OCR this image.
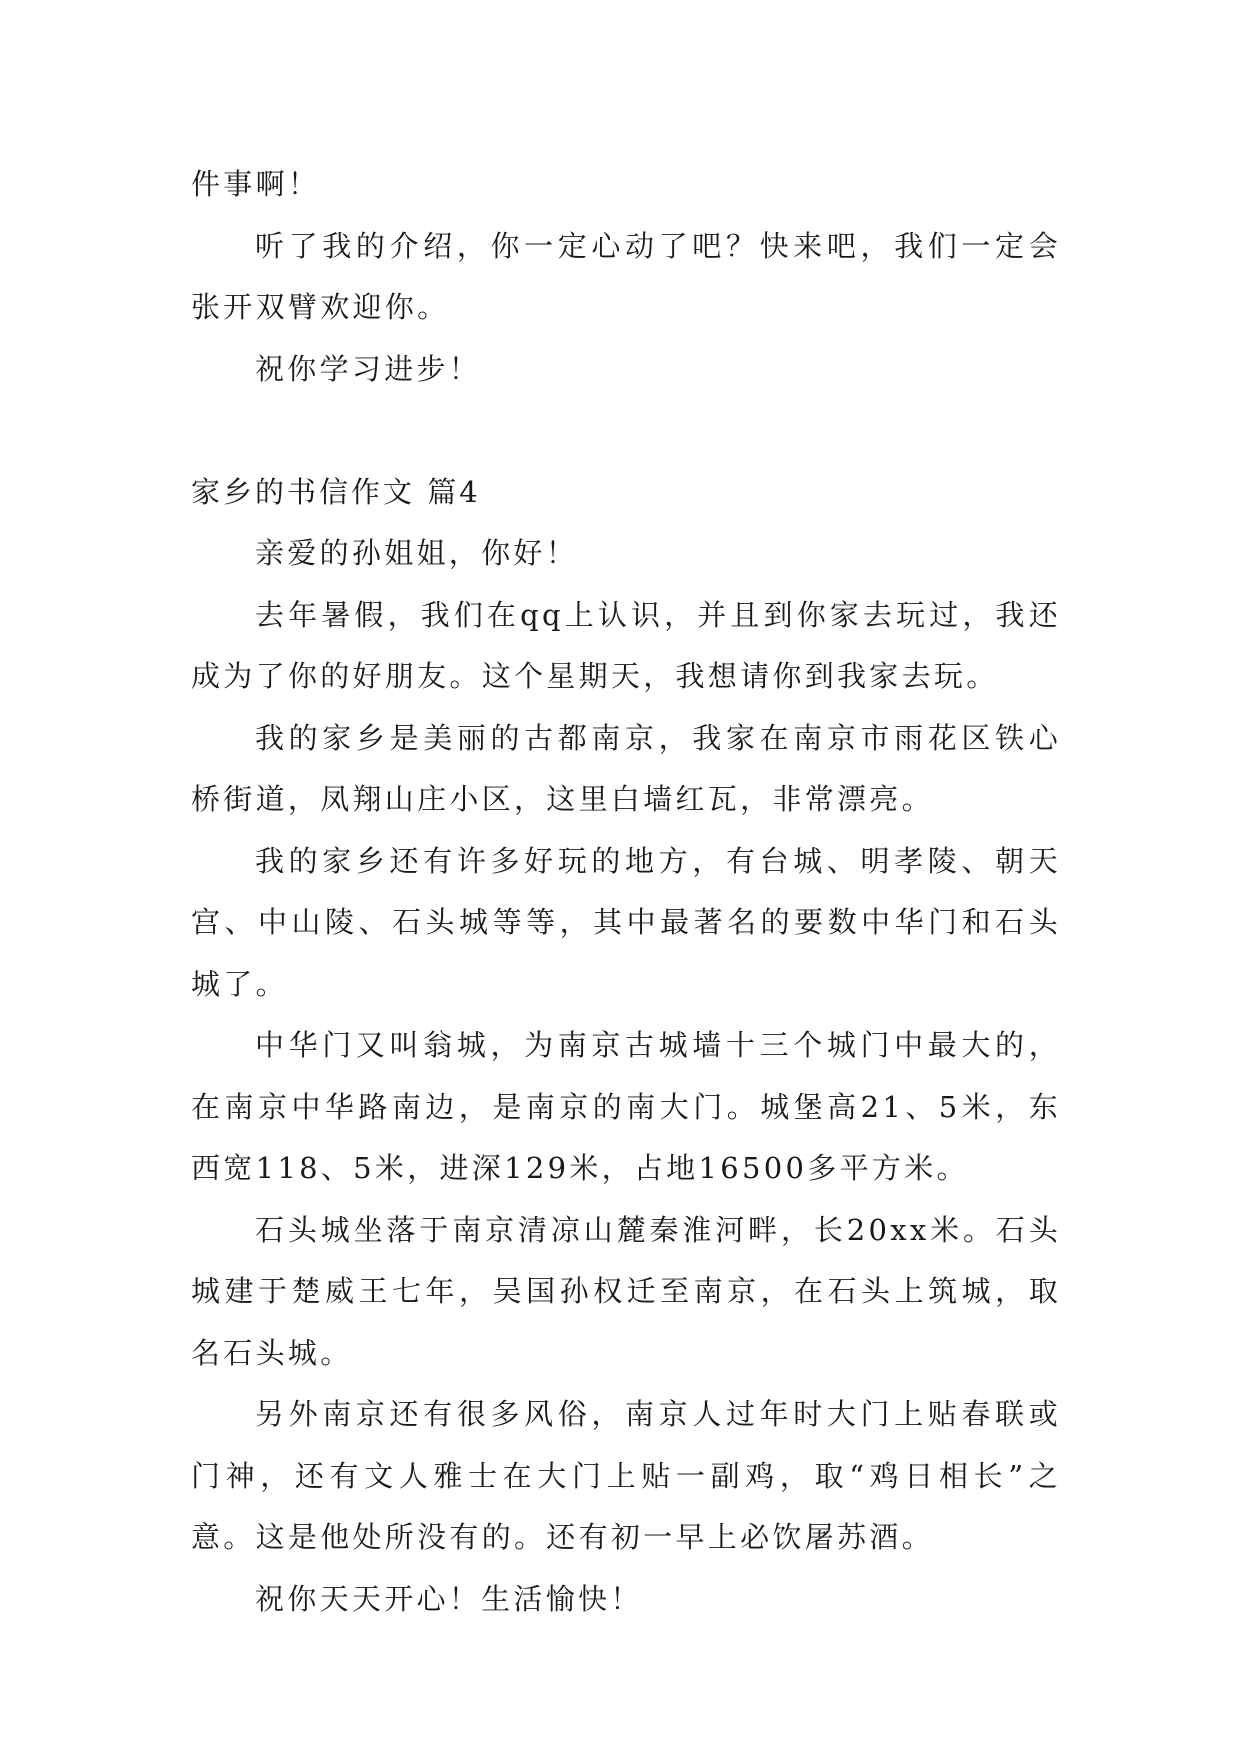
件事啊！

听了我的介绍，你一定心动了吧？快来吧，我们一定会张开双臂欢迎你。

祝你学习进步！

家乡的书信作文 篇4

亲爱的孙姐姐，你好！

去年暑假，我们在qq上认识，并且到你家去玩过，我还成为了你的好朋友。这个星期天，我想请你到我家去玩。

我的家乡是美丽的古都南京，我家在南京市雨花区铁心桥街道，凤翔山庄小区，这里白墙红瓦，非常漂亮。

我的家乡还有许多好玩的地方，有台城、明孝陵、朝天宫、中山陵、石头城等等，其中最著名的要数中华门和石头城了。

中华门又叫翁城，为南京古城墙十三个城门中最大的，在南京中华路南边，是南京的南大门。城堡高21、5米，东西宽118、5米，进深129米，占地16500多平方米。

石头城坐落于南京清凉山麓秦淮河畔，长20xx米。石头城建于楚威王七年，吴国孙权迁至南京，在石头上筑城，取名石头城。

另外南京还有很多风俗，南京人过年时大门上贴春联或门神，还有文人雅士在大门上贴一副鸡，取“鸡日相长”之意。这是他处所没有的。还有初一早上必饮屠苏酒。

祝你天天开心！生活愉快！
